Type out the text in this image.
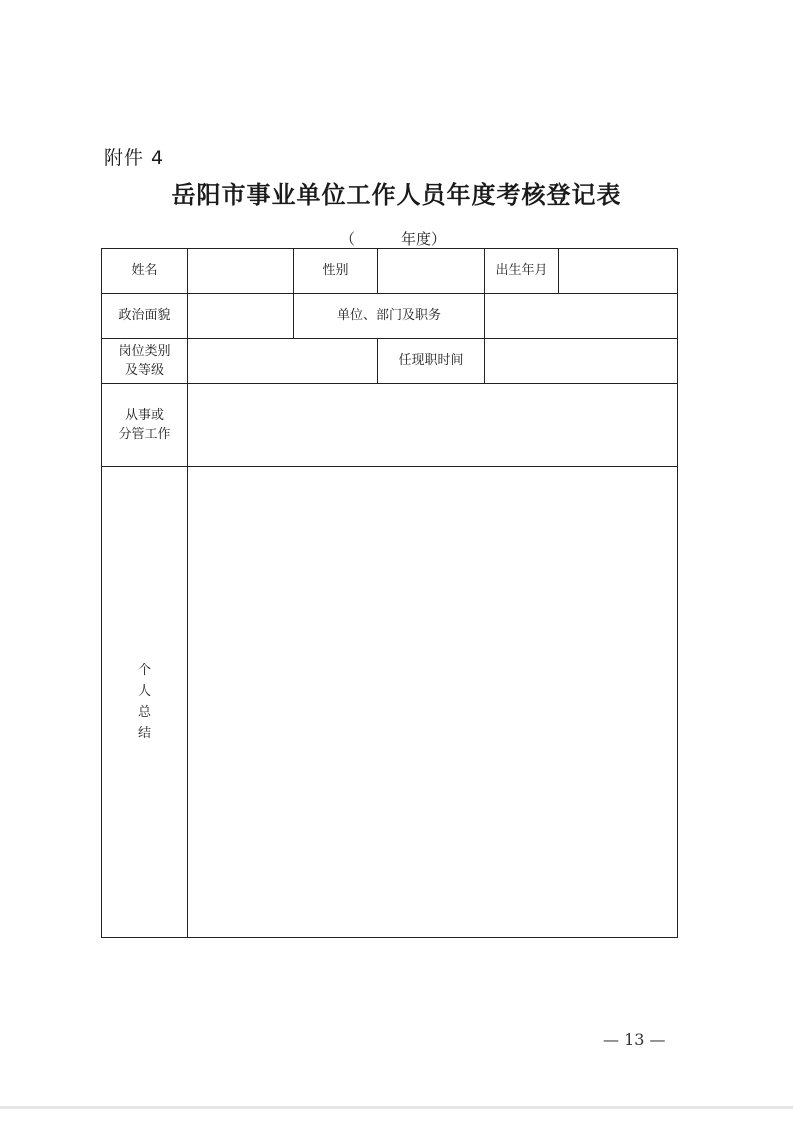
附件 4
岳阳市事业单位工作人员年度考核登记表
（	年度）
姓名		性别		出生年月	
政治面貌		单位、部门及职务			
岗位类别
及等级			任现职时间		
从事或
分管工作					

个
人
总
结					

— 13 —
